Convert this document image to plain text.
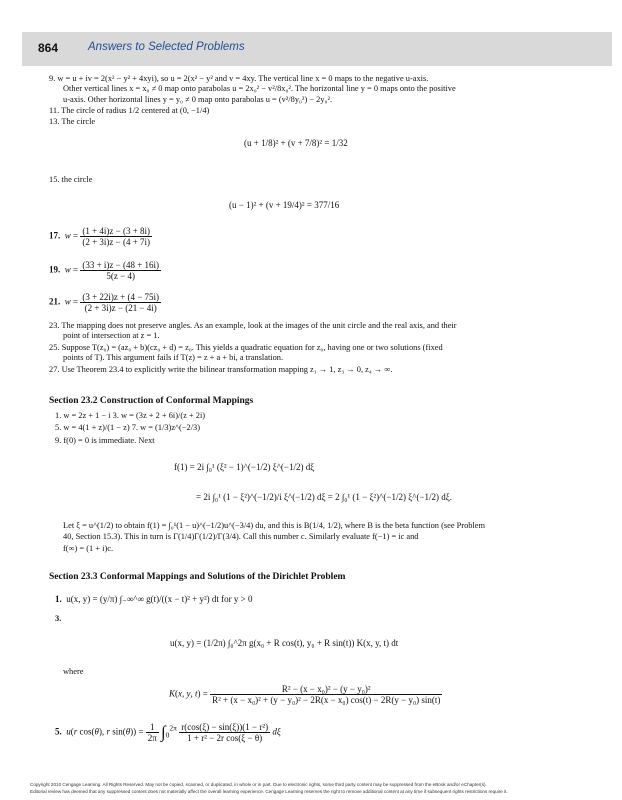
864	Answers to Selected Problems
9. w = u + iv = 2(x² − y² + 4xyi), so u = 2(x² − y² and v = 4xy. The vertical line x = 0 maps to the negative u-axis.
Other vertical lines x = x₀ ≠ 0 map onto parabolas u = 2x₀² − v²/8x₀². The horizontal line y = 0 maps onto the positive
u-axis. Other horizontal lines y = y₀ ≠ 0 map onto parabolas u = (v²/8y₀²) − 2y₀².
11. The circle of radius 1/2 centered at (0, −1/4)
13. The circle
(u + 1/8)² + (v + 7/8)² = 1/32
15. the circle
(u − 1)² + (v + 19/4)² = 377/16
17. $w = \frac{(1 + 4i)z - (3 + 8i)}{(2 + 3i)z - (4 + 7i)}$
19. $w = \frac{(33 + i)z - (48 + 16i)}{5(z - 4)}$
21. $w = \frac{(3 + 22i)z + (4 - 75i)}{(2 + 3i)z - (21 - 4i)}$
23. The mapping does not preserve angles. As an example, look at the images of the unit circle and the real axis, and their
point of intersection at z = 1.
25. Suppose T(z₀) = (az₀ + b)(cz₀ + d) = z₀. This yields a quadratic equation for z₀, having one or two solutions (fixed
points of T). This argument fails if T(z) = z + a + bi, a translation.
27. Use Theorem 23.4 to explicitly write the bilinear transformation mapping z₁ → 1, z₃ → 0, z₄ → ∞.
Section 23.2 Construction of Conformal Mappings
1. w = 2z + 1 − i 3. w = (3z + 2 + 6i)/(z + 2i)
5. w = 4(1 + z)/(1 − z) 7. w = (1/3)z^(−2/3)
9. f(0) = 0 is immediate. Next
f(1) = 2i ∫₀¹ (ξ² − 1)^(−1/2) ξ^(−1/2) dξ
= 2i ∫₀¹ (1 − ξ²)^(−1/2)/i ξ^(−1/2) dξ = 2 ∫₀¹ (1 − ξ²)^(−1/2) ξ^(−1/2) dξ.
Let ξ = u^(1/2) to obtain f(1) = ∫₀¹(1 − u)^(−1/2)u^(−3/4) du, and this is B(1/4, 1/2), where B is the beta function (see Problem
40, Section 15.3). This in turn is Γ(1/4)Γ(1/2)/Γ(3/4). Call this number c. Similarly evaluate f(−1) = ic and
f(∞) = (1 + i)c.
Section 23.3 Conformal Mappings and Solutions of the Dirichlet Problem
1. u(x, y) = (y/π) ∫₋∞^∞ g(t)/((x − t)² + y²) dt for y > 0
3.
u(x, y) = (1/2π) ∫₀^2π g(x₀ + R cos(t), y₀ + R sin(t)) K(x, y, t) dt
where
K(x, y, t) =	R² − (x − x₀)² − (y − y₀)²
R² + (x − x₀)² + (y − y₀)² − 2R(x − x₀) cos(t) − 2R(y − y₀) sin(t)
5. u(r cos(θ), r $\sin(\theta)) = \frac{1}{2\pi} \int_0^{2\pi} \frac{\text{r(cos(ξ) − sin(ξ))(1 − r²)}}{\text{1 + r² − 2r cos(ξ − θ)}}$ dξ
Copyright 2010 Cengage Learning. All Rights Reserved. May not be copied, scanned, or duplicated, in whole or in part. Due to electronic rights, some third party content may be suppressed from the eBook and/or eChapter(s).
Editorial review has deemed that any suppressed content does not materially affect the overall learning experience. Cengage Learning reserves the right to remove additional content at any time if subsequent rights restrictions require it.
